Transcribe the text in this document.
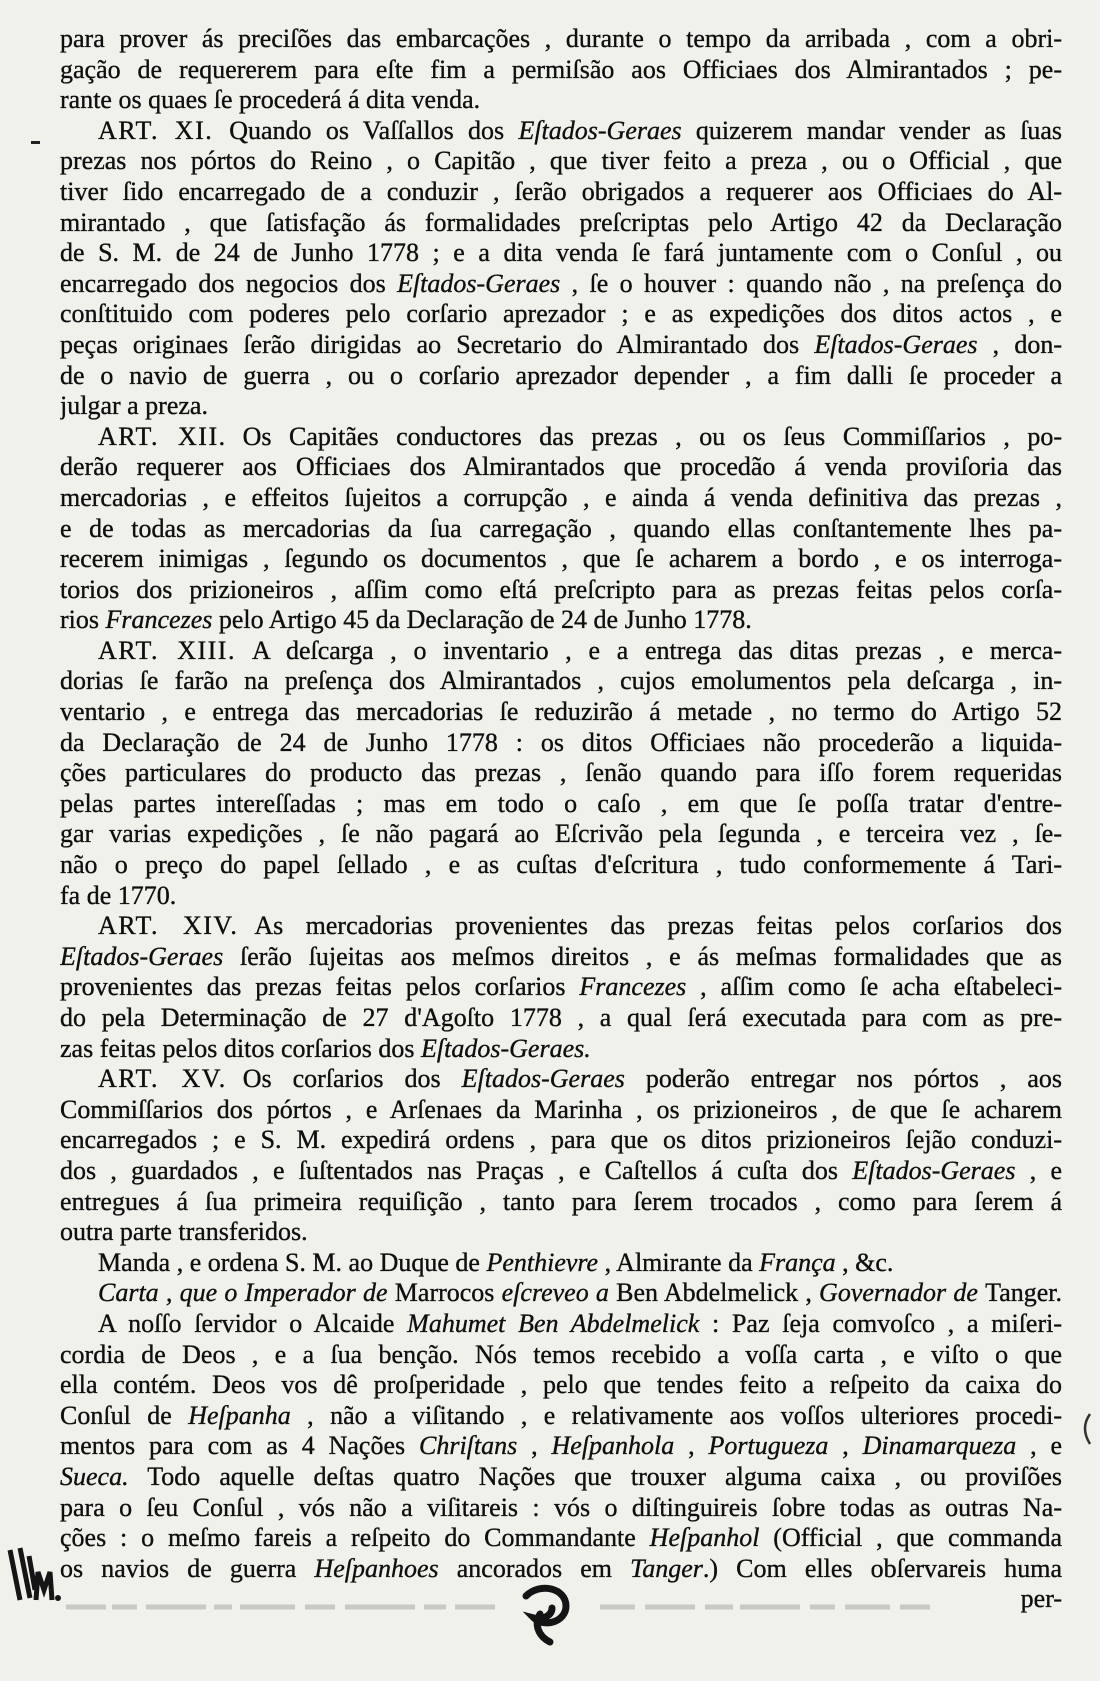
para prover ás preciſões das embarcações , durante o tempo da arribada , com a obri-
gação de requererem para eſte fim a permiſsão aos Officiaes dos Almirantados ; pe-
rante os quaes ſe procederá á dita venda.
ART. XI. Quando os Vaſſallos dos Eſtados-Geraes quizerem mandar vender as ſuas
prezas nos pórtos do Reino , o Capitão , que tiver feito a preza , ou o Official , que
tiver ſido encarregado de a conduzir , ſerão obrigados a requerer aos Officiaes do Al-
mirantado , que ſatisfação ás formalidades preſcriptas pelo Artigo 42 da Declaração
de S. M. de 24 de Junho 1778 ; e a dita venda ſe fará juntamente com o Conſul , ou
encarregado dos negocios dos Eſtados-Geraes , ſe o houver : quando não , na preſença do
conſtituido com poderes pelo corſario aprezador ; e as expedições dos ditos actos , e
peças originaes ſerão dirigidas ao Secretario do Almirantado dos Eſtados-Geraes , don-
de o navio de guerra , ou o corſario aprezador depender , a fim dalli ſe proceder a
julgar a preza.
ART. XII. Os Capitães conductores das prezas , ou os ſeus Commiſſarios , po-
derão requerer aos Officiaes dos Almirantados que procedão á venda proviſoria das
mercadorias , e effeitos ſujeitos a corrupção , e ainda á venda definitiva das prezas ,
e de todas as mercadorias da ſua carregação , quando ellas conſtantemente lhes pa-
recerem inimigas , ſegundo os documentos , que ſe acharem a bordo , e os interroga-
torios dos prizioneiros , aſſim como eſtá preſcripto para as prezas feitas pelos corſa-
rios Francezes pelo Artigo 45 da Declaração de 24 de Junho 1778.
ART. XIII. A deſcarga , o inventario , e a entrega das ditas prezas , e merca-
dorias ſe farão na preſença dos Almirantados , cujos emolumentos pela deſcarga , in-
ventario , e entrega das mercadorias ſe reduzirão á metade , no termo do Artigo 52
da Declaração de 24 de Junho 1778 : os ditos Officiaes não procederão a liquida-
ções particulares do producto das prezas , ſenão quando para iſſo forem requeridas
pelas partes intereſſadas ; mas em todo o caſo , em que ſe poſſa tratar d'entre-
gar varias expedições , ſe não pagará ao Eſcrivão pela ſegunda , e terceira vez , ſe-
não o preço do papel ſellado , e as cuſtas d'eſcritura , tudo conformemente á Tari-
fa de 1770.
ART. XIV. As mercadorias provenientes das prezas feitas pelos corſarios dos
Eſtados-Geraes ſerão ſujeitas aos meſmos direitos , e ás meſmas formalidades que as
provenientes das prezas feitas pelos corſarios Francezes , aſſim como ſe acha eſtabeleci-
do pela Determinação de 27 d'Agoſto 1778 , a qual ſerá executada para com as pre-
zas feitas pelos ditos corſarios dos Eſtados-Geraes.
ART. XV. Os corſarios dos Eſtados-Geraes poderão entregar nos pórtos , aos
Commiſſarios dos pórtos , e Arſenaes da Marinha , os prizioneiros , de que ſe acharem
encarregados ; e S. M. expedirá ordens , para que os ditos prizioneiros ſejão conduzi-
dos , guardados , e ſuſtentados nas Praças , e Caſtellos á cuſta dos Eſtados-Geraes , e
entregues á ſua primeira requiſição , tanto para ſerem trocados , como para ſerem á
outra parte transferidos.
Manda , e ordena S. M. ao Duque de Penthievre , Almirante da França , &c.
Carta , que o Imperador de Marrocos eſcreveo a Ben Abdelmelick , Governador de Tanger.
A noſſo ſervidor o Alcaide Mahumet Ben Abdelmelick : Paz ſeja comvoſco , a miſeri-
cordia de Deos , e a ſua benção. Nós temos recebido a voſſa carta , e viſto o que
ella contém. Deos vos dê proſperidade , pelo que tendes feito a reſpeito da caixa do
Conſul de Heſpanha , não a viſitando , e relativamente aos voſſos ulteriores procedi-
mentos para com as 4 Nações Chriſtans , Heſpanhola , Portugueza , Dinamarqueza , e
Sueca. Todo aquelle deſtas quatro Nações que trouxer alguma caixa , ou proviſões
para o ſeu Conſul , vós não a viſitareis : vós o diſtinguireis ſobre todas as outras Na-
ções : o meſmo fareis a reſpeito do Commandante Heſpanhol (Official , que commanda
os navios de guerra Heſpanhoes ancorados em Tanger.) Com elles obſervareis huma
per-
